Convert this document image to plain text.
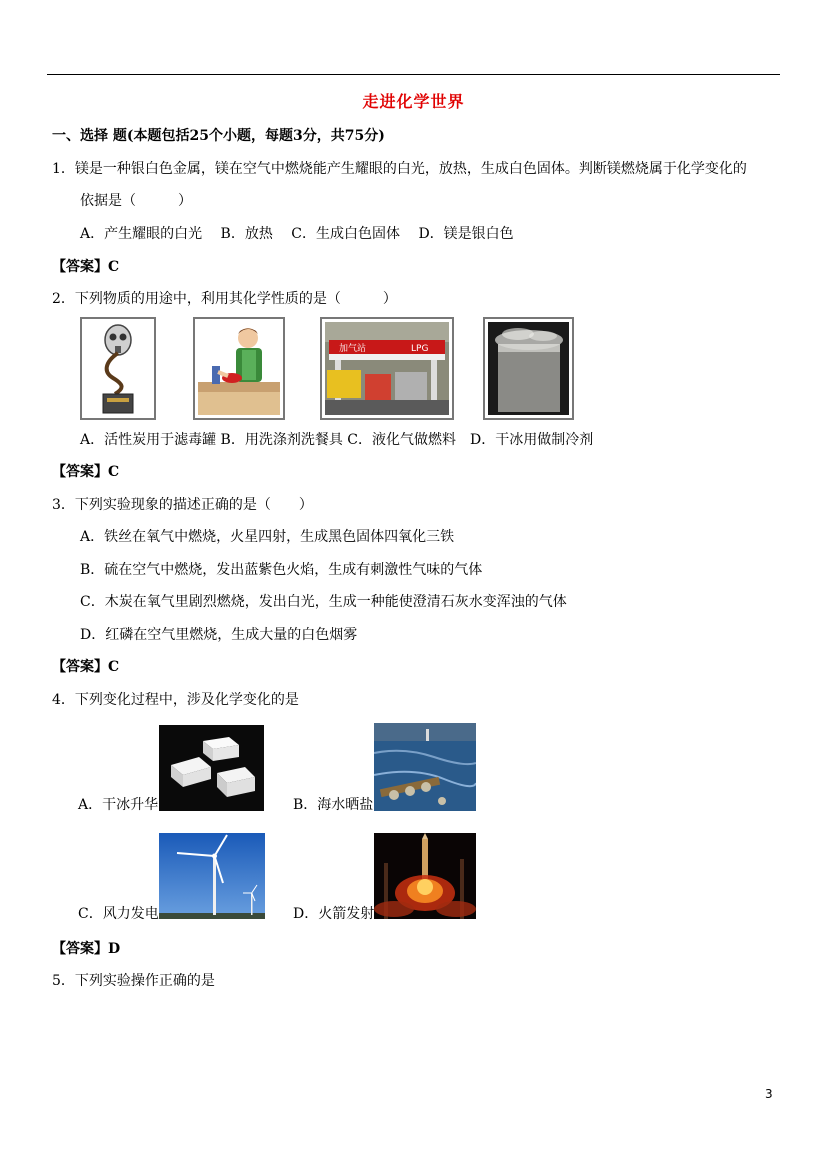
走进化学世界
一、选择 题(本题包括25个小题，每题3分，共75分)
1．镁是一种银白色金属，镁在空气中燃烧能产生耀眼的白光，放热，生成白色固体。判断镁燃烧属于化学变化的
依据是（　　　）
A．产生耀眼的白光　 B．放热　 C．生成白色固体　 D．镁是银白色
【答案】C
2．下列物质的用途中，利用其化学性质的是（　　　）
加气站	LPG
A．活性炭用于滤毒罐 B．用洗涤剂洗餐具 C．液化气做燃料　D．干冰用做制冷剂
【答案】C
3．下列实验现象的描述正确的是（　　）
A．铁丝在氧气中燃烧，火星四射，生成黑色固体四氧化三铁
B．硫在空气中燃烧，发出蓝紫色火焰，生成有刺激性气味的气体
C．木炭在氧气里剧烈燃烧，发出白光，生成一种能使澄清石灰水变浑浊的气体
D．红磷在空气里燃烧，生成大量的白色烟雾
【答案】C
4．下列变化过程中，涉及化学变化的是
A．干冰升华	B．海水晒盐
C．风力发电	D．火箭发射
【答案】D
5．下列实验操作正确的是
3
